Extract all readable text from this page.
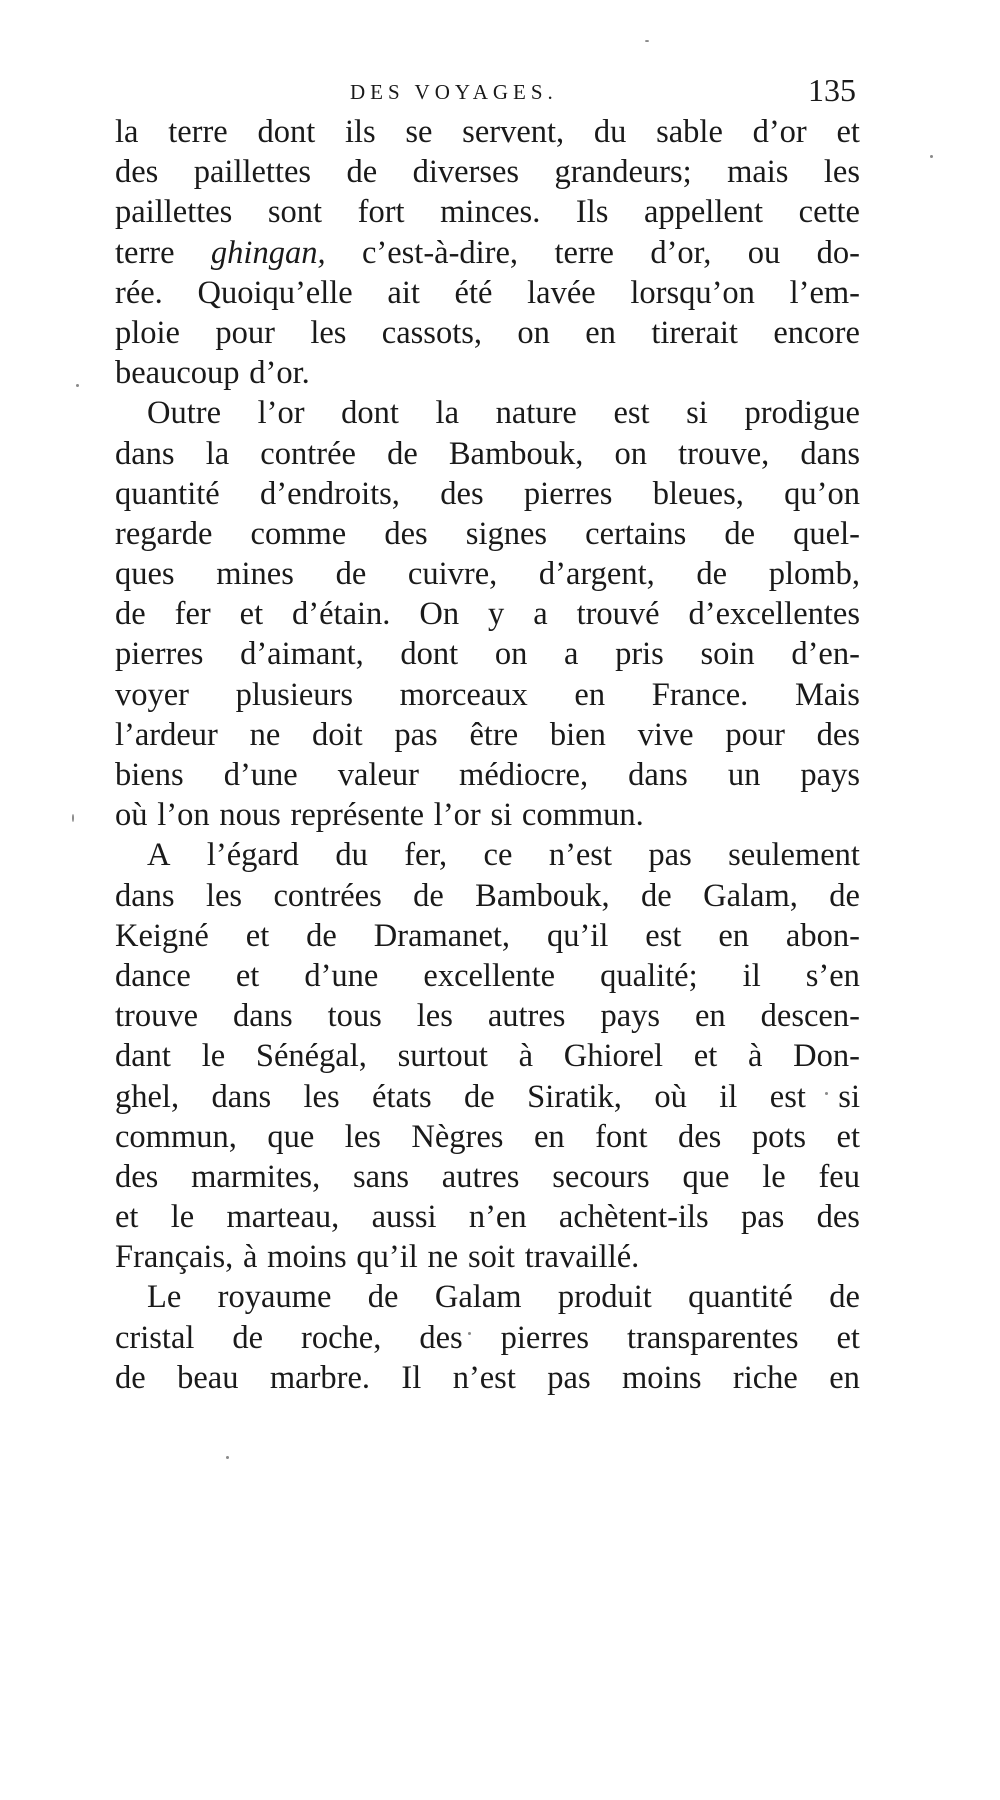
DES VOYAGES.	135
la terre dont ils se servent, du sable d’or et
des paillettes de diverses grandeurs; mais les
paillettes sont fort minces. Ils appellent cette
terre ghingan, c’est-à-dire, terre d’or, ou do-
rée. Quoiqu’elle ait été lavée lorsqu’on l’em-
ploie pour les cassots, on en tirerait encore
beaucoup d’or.
Outre l’or dont la nature est si prodigue
dans la contrée de Bambouk, on trouve, dans
quantité d’endroits, des pierres bleues, qu’on
regarde comme des signes certains de quel-
ques mines de cuivre, d’argent, de plomb,
de fer et d’étain. On y a trouvé d’excellentes
pierres d’aimant, dont on a pris soin d’en-
voyer plusieurs morceaux en France. Mais
l’ardeur ne doit pas être bien vive pour des
biens d’une valeur médiocre, dans un pays
où l’on nous représente l’or si commun.
A l’égard du fer, ce n’est pas seulement
dans les contrées de Bambouk, de Galam, de
Keigné et de Dramanet, qu’il est en abon-
dance et d’une excellente qualité; il s’en
trouve dans tous les autres pays en descen-
dant le Sénégal, surtout à Ghiorel et à Don-
ghel, dans les états de Siratik, où il est si
commun, que les Nègres en font des pots et
des marmites, sans autres secours que le feu
et le marteau, aussi n’en achètent-ils pas des
Français, à moins qu’il ne soit travaillé.
Le royaume de Galam produit quantité de
cristal de roche, des pierres transparentes et
de beau marbre. Il n’est pas moins riche en
